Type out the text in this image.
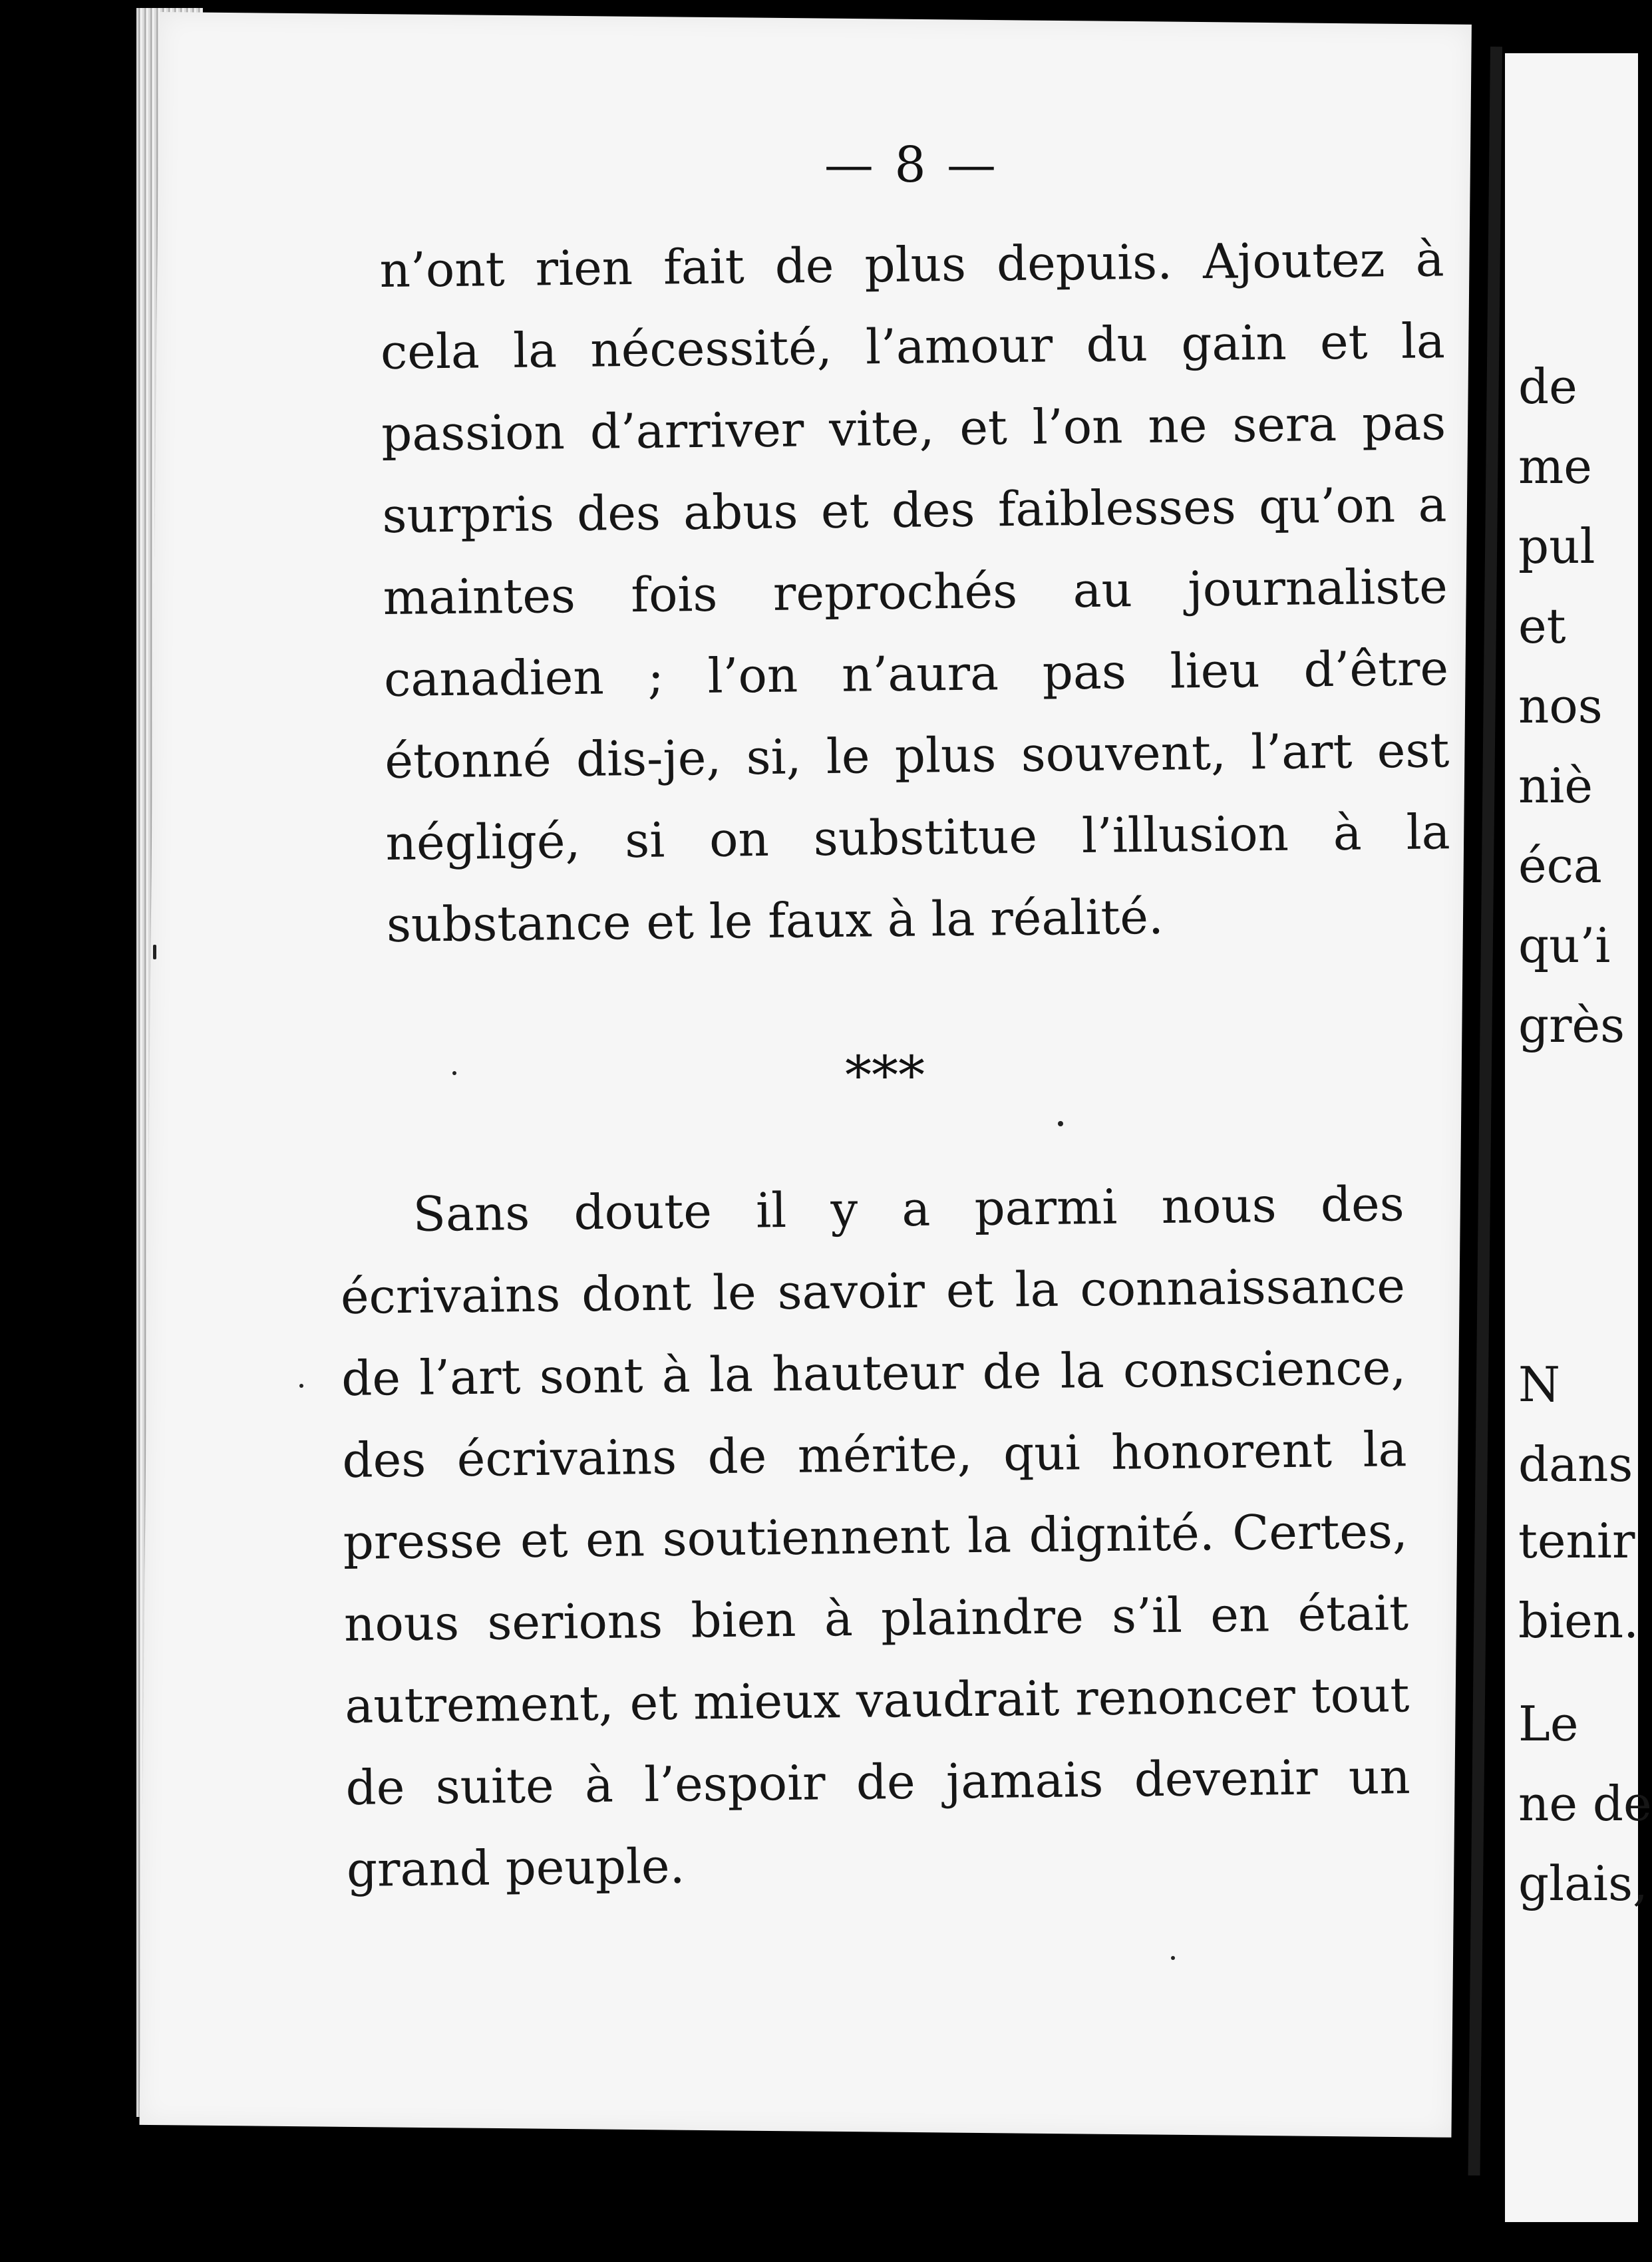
— 8 —
n’ont rien fait de plus depuis. Ajoutez à cela la nécessité, l’amour du gain et la passion d’arriver vite, et l’on ne sera pas surpris des abus et des faiblesses qu’on a maintes fois reprochés au journaliste canadien ; l’on n’aura pas lieu d’être étonné dis-je, si, le plus souvent, l’art est négligé, si on substitue l’illusion à la substance et le faux à la réalité.
*⁣*⁣*
Sans doute il y a parmi nous des écrivains dont le savoir et la connaissance de l’art sont à la hauteur de la conscience, des écrivains de mérite, qui honorent la presse et en soutiennent la dignité. Certes, nous serions bien à plaindre s’il en était autrement, et mieux vaudrait renoncer tout de suite à l’espoir de jamais devenir un grand peuple.
de
me
pul
et
nos
niè
éca
qu’i
grès
N
dans
tenir
bien.
Le
ne de
glais,
